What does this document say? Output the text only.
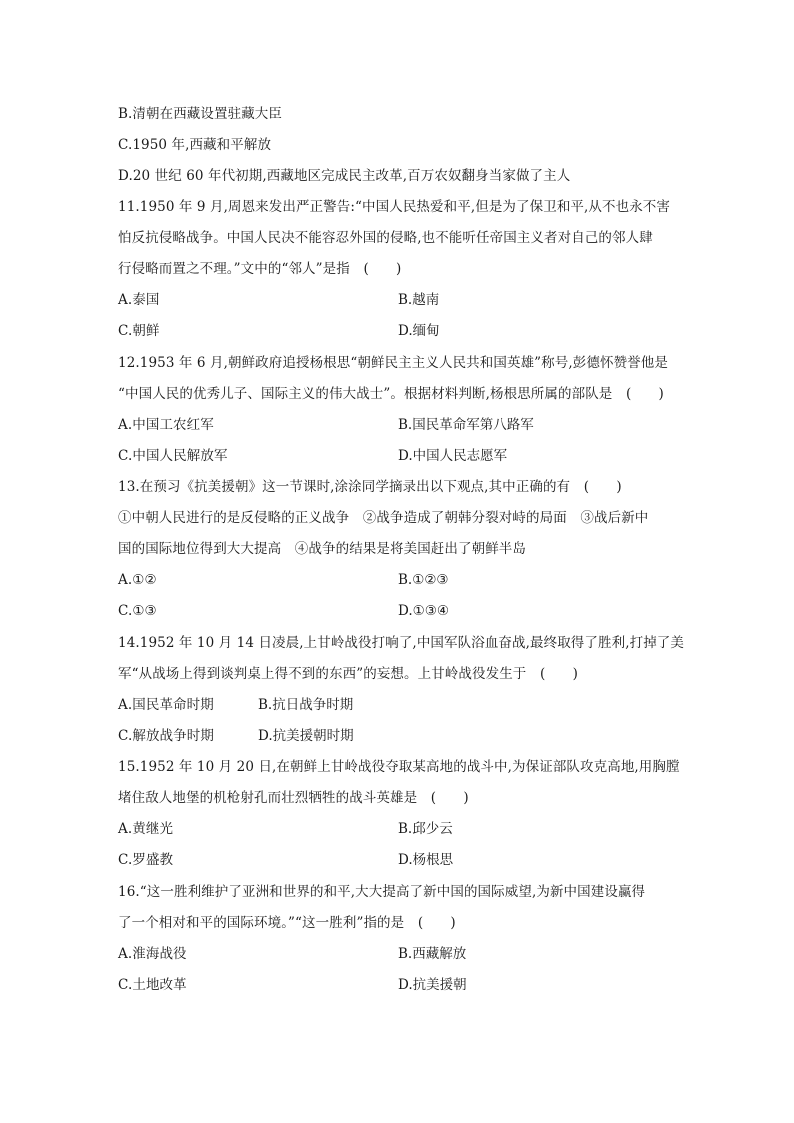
B.清朝在西藏设置驻藏大臣
C.1950 年,西藏和平解放
D.20 世纪 60 年代初期,西藏地区完成民主改革,百万农奴翻身当家做了主人
11.1950 年 9 月,周恩来发出严正警告:“中国人民热爱和平,但是为了保卫和平,从不也永不害
怕反抗侵略战争。中国人民决不能容忍外国的侵略,也不能听任帝国主义者对自己的邻人肆
行侵略而置之不理。”文中的“邻人”是指　(　　)
A.泰国	B.越南
C.朝鲜	D.缅甸
12.1953 年 6 月,朝鲜政府追授杨根思“朝鲜民主主义人民共和国英雄”称号,彭德怀赞誉他是
“中国人民的优秀儿子、国际主义的伟大战士”。根据材料判断,杨根思所属的部队是　(　　)
A.中国工农红军	B.国民革命军第八路军
C.中国人民解放军	D.中国人民志愿军
13.在预习《抗美援朝》这一节课时,涂涂同学摘录出以下观点,其中正确的有　(　　)
①中朝人民进行的是反侵略的正义战争　②战争造成了朝韩分裂对峙的局面　③战后新中
国的国际地位得到大大提高　④战争的结果是将美国赶出了朝鲜半岛
A.①②	B.①②③
C.①③	D.①③④
14.1952 年 10 月 14 日凌晨,上甘岭战役打响了,中国军队浴血奋战,最终取得了胜利,打掉了美
军“从战场上得到谈判桌上得不到的东西”的妄想。上甘岭战役发生于　(　　)
A.国民革命时期	B.抗日战争时期
C.解放战争时期	D.抗美援朝时期
15.1952 年 10 月 20 日,在朝鲜上甘岭战役夺取某高地的战斗中,为保证部队攻克高地,用胸膛
堵住敌人地堡的机枪射孔而壮烈牺牲的战斗英雄是　(　　)
A.黄继光	B.邱少云
C.罗盛教	D.杨根思
16.“这一胜利维护了亚洲和世界的和平,大大提高了新中国的国际威望,为新中国建设赢得
了一个相对和平的国际环境。”“这一胜利”指的是　(　　)
A.淮海战役	B.西藏解放
C.土地改革	D.抗美援朝
